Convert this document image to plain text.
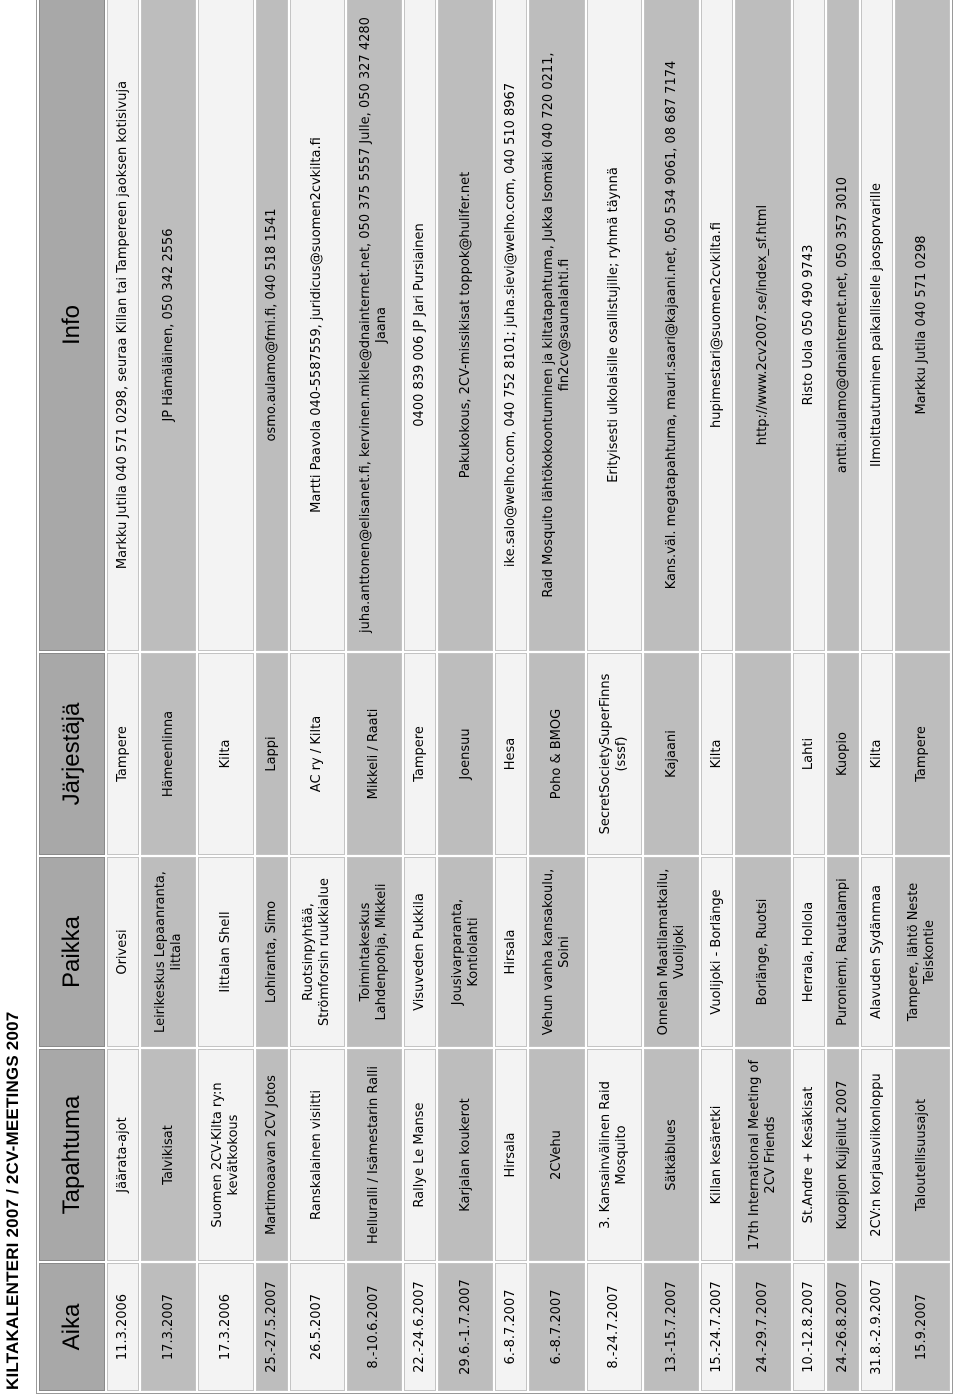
KILTAKALENTERI 2007 / 2CV-MEETINGS 2007 Aika	Tapahtuma	Paikka	Järjestäjä	Info
11.3.2006	Jäärata-ajot	Orivesi	Tampere	Markku Jutila 040 571 0298, seuraa Killan tai Tampereen jaoksen kotisivuja
17.3.2007	Talvikisat	Leirikeskus Lepaanranta, Iittala	Hämeenlinna	JP Hämäläinen, 050 342 2556
17.3.2006	Suomen 2CV-Kilta ry:n kevätkokous	Iittalan Shell	Kilta	
25.-27.5.2007	Martimoaavan 2CV Jotos	Lohiranta, Simo	Lappi	osmo.aulamo@fmi.fi, 040 518 1541
26.5.2007	Ranskalainen visiitti	Ruotsinpyhtää, Strömforsin ruukkialue	AC ry / Kilta	Martti Paavola 040-5587559, juridicus@suomen2cvkilta.fi
8.-10.6.2007	Hellurallі / Isämestarin Ralli	Toimintakeskus Lahdenpohja, Mikkeli	Mikkeli / Raati	juha.anttonen@elisanet.fi, kervinen.mikle@dnainternet.net, 050 375 5557 Julle, 050 327 4280 Jaana
22.-24.6.2007	Rallye Le Manse	Visuveden Pukkila	Tampere	0400 839 006 JP Jari Pursiainen
29.6.-1.7.2007	Karjalan koukerot	Jousivarparanta, Kontiolahti	Joensuu	Pakukokous, 2CV-missikisat toppok@hulifer.net
6.-8.7.2007	Hirsala	Hirsala	Hesa	ike.salo@welho.com, 040 752 8101; juha.sievi@welho.com, 040 510 8967
6.-8.7.2007	2CVehu	Vehun vanha kansakoulu, Soini	Poho & BMOG	Raid Mosquito lähtökokoontuminen ja kiltatapahtuma, Jukka Isomäki 040 720 0211, fin2cv@saunalahti.fi
8.-24.7.2007	3. Kansainvälinen Raid Mosquito		SecretSocietySuperFinns (sssf)	Erityisesti ulkolaisille osallistujille; ryhmä täynnä
13.-15.7.2007	Sätkäblues	Onnelan Maatilamatkailu, Vuolijoki	Kajaani	Kans.väl. megatapahtuma, mauri.saari@kajaani.net, 050 534 9061, 08 687 7174
15.-24.7.2007	Killan kesäretki	Vuolijoki - Borlänge	Kilta	hupimestari@suomen2cvkilta.fi
24.-29.7.2007	17th International Meeting of 2CV Friends	Borlänge, Ruotsi		http://www.2cv2007.se/index_sf.html
10.-12.8.2007	St.Andre + Kesäkisat	Herrala, Hollola	Lahti	Risto Uola 050 490 9743
24.-26.8.2007	Kuopijon Kujjeilut 2007	Puroniemi, Rautalampi	Kuopio	antti.aulamo@dnainternet.net, 050 357 3010
31.8.-2.9.2007	2CV:n korjausviikonloppu	Alavuden Sydänmaa	Kilta	Ilmoittautuminen paikalliselle jaosporvarille
15.9.2007	Taloutellisuusajot	Tampere, lähtö Neste Teiskontie	Tampere	Markku Jutila 040 571 0298
